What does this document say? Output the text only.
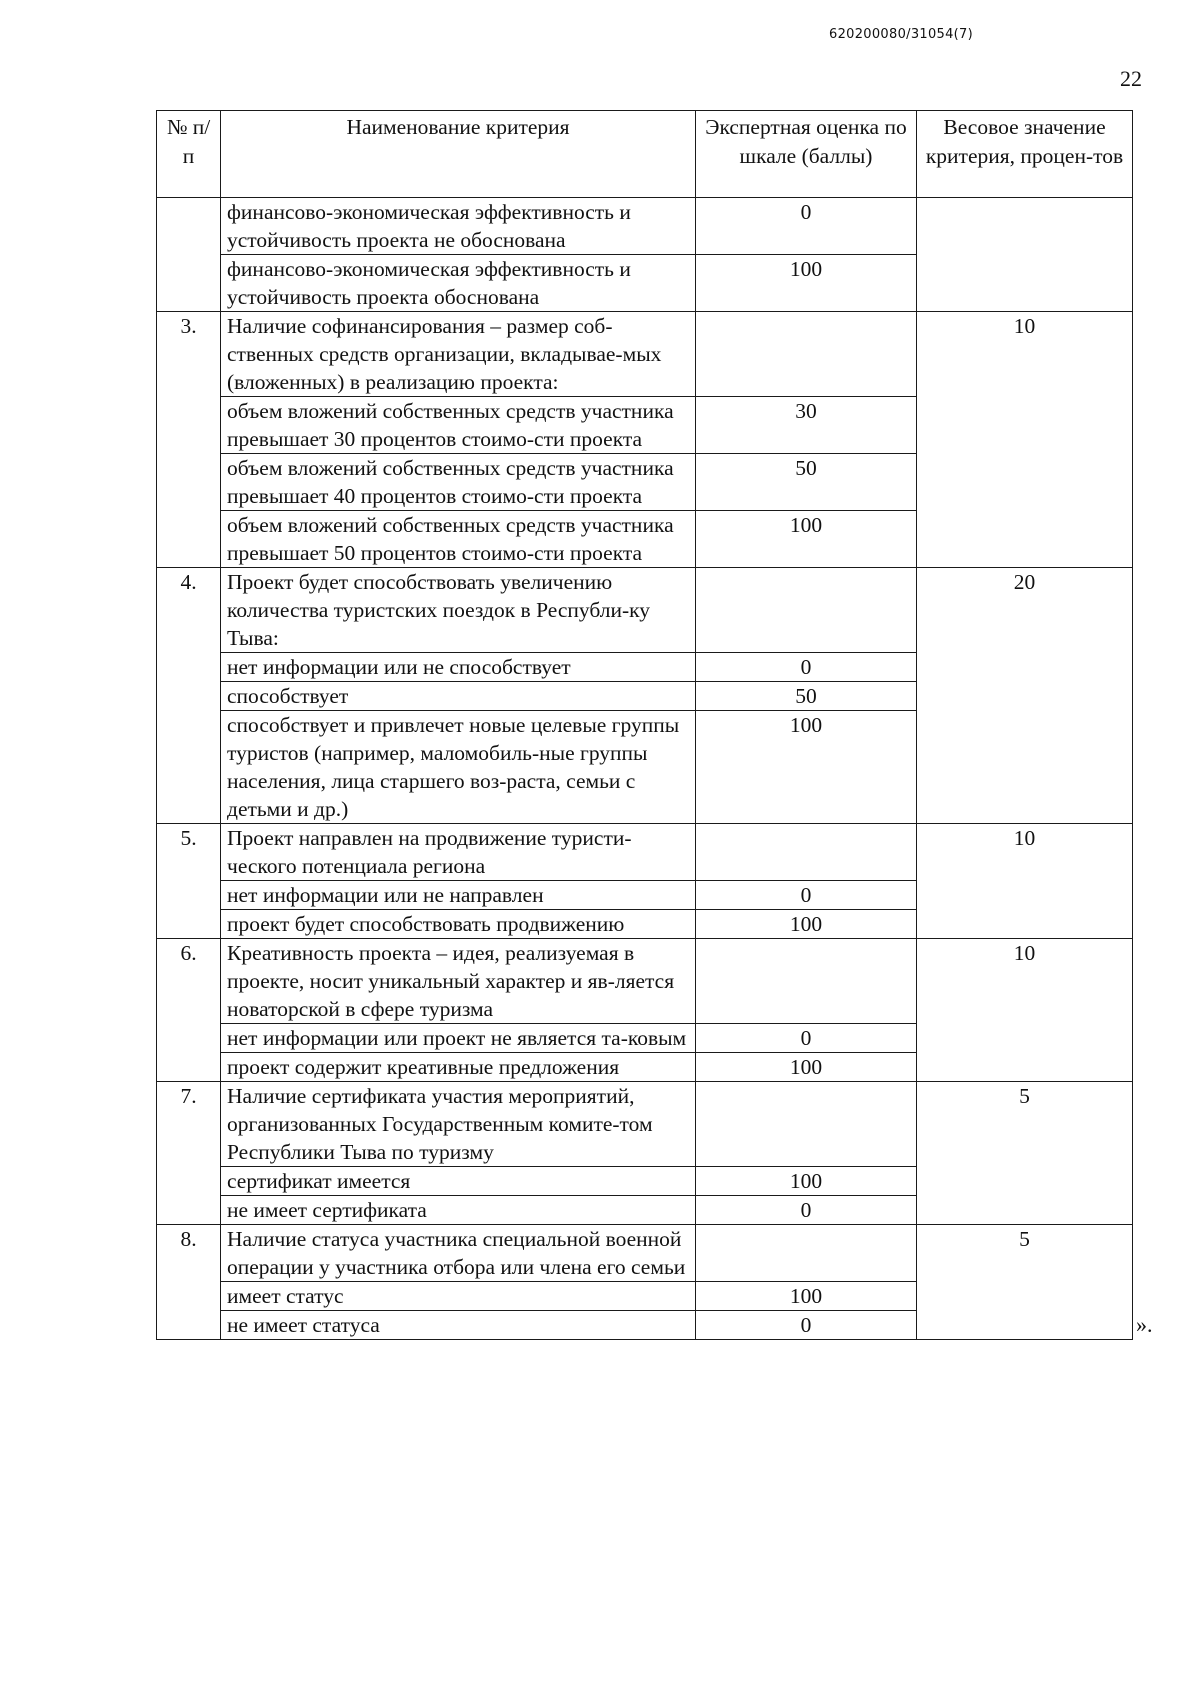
620200080/31054(7)
22
№ п/п	Наименование критерия	Экспертная оценка по шкале (баллы)	Весовое значение критерия, процен-тов
	финансово-экономическая эффективность и устойчивость проекта не обоснована	0	
	финансово-экономическая эффективность и устойчивость проекта обоснована	100	
3.	Наличие софинансирования – размер соб-ственных средств организации, вкладывае-мых (вложенных) в реализацию проекта:		10
	объем вложений собственных средств участника превышает 30 процентов стоимо-сти проекта	30	
	объем вложений собственных средств участника превышает 40 процентов стоимо-сти проекта	50	
	объем вложений собственных средств участника превышает 50 процентов стоимо-сти проекта	100	
4.	Проект будет способствовать увеличению количества туристских поездок в Республи-ку Тыва:		20
	нет информации или не способствует	0	
	способствует	50	
	способствует и привлечет новые целевые группы туристов (например, маломобиль-ные группы населения, лица старшего воз-раста, семьи с детьми и др.)	100	
5.	Проект направлен на продвижение туристи-ческого потенциала региона		10
	нет информации или не направлен	0	
	проект будет способствовать продвижению	100	
6.	Креативность проекта – идея, реализуемая в проекте, носит уникальный характер и яв-ляется новаторской в сфере туризма		10
	нет информации или проект не является та-ковым	0	
	проект содержит креативные предложения	100	
7.	Наличие сертификата участия мероприятий, организованных Государственным комите-том Республики Тыва по туризму		5
	сертификат имеется	100	
	не имеет сертификата	0	
8.	Наличие статуса участника специальной военной операции у участника отбора или члена его семьи		5
	имеет статус	100	
	не имеет статуса	0		».
